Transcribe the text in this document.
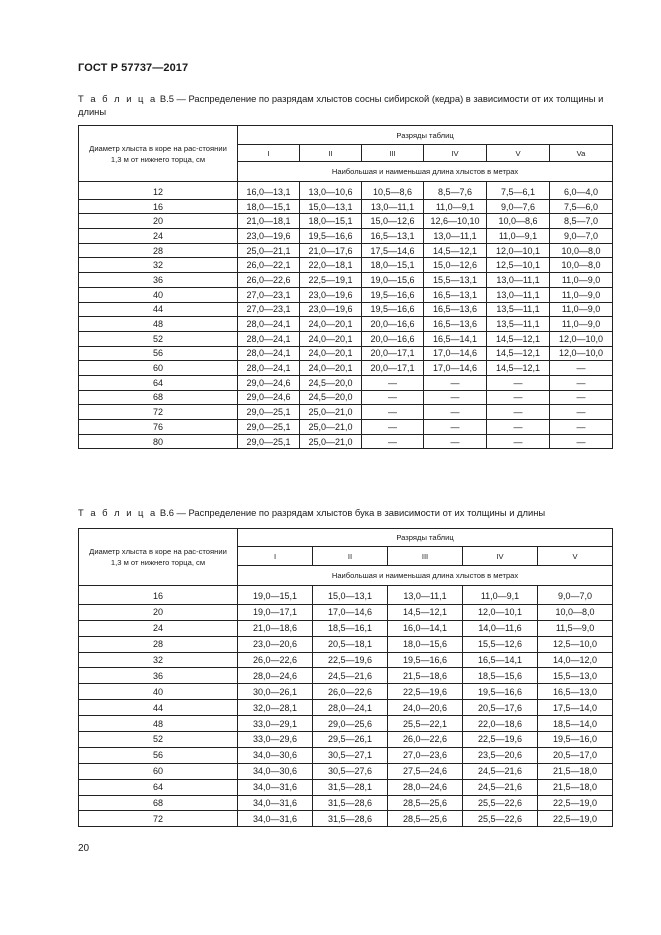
ГОСТ Р 57737—2017
Т а б л и ц а В.5 — Распределение по разрядам хлыстов сосны сибирской (кедра) в зависимости от их толщины и длины
Диаметр хлыста в коре на рас-стоянии 1,3 м от нижнего торца, см	Разряды таблиц					
	I	II	III	IV	V	Va
	Наибольшая и наименьшая длина хлыстов в метрах					
12	16,0—13,1	13,0—10,6	10,5—8,6	8,5—7,6	7,5—6,1	6,0—4,0
16	18,0—15,1	15,0—13,1	13,0—11,1	11,0—9,1	9,0—7,6	7,5—6,0
20	21,0—18,1	18,0—15,1	15,0—12,6	12,6—10,10	10,0—8,6	8,5—7,0
24	23,0—19,6	19,5—16,6	16,5—13,1	13,0—11,1	11,0—9,1	9,0—7,0
28	25,0—21,1	21,0—17,6	17,5—14,6	14,5—12,1	12,0—10,1	10,0—8,0
32	26,0—22,1	22,0—18,1	18,0—15,1	15,0—12,6	12,5—10,1	10,0—8,0
36	26,0—22,6	22,5—19,1	19,0—15,6	15,5—13,1	13,0—11,1	11,0—9,0
40	27,0—23,1	23,0—19,6	19,5—16,6	16,5—13,1	13,0—11,1	11,0—9,0
44	27,0—23,1	23,0—19,6	19,5—16,6	16,5—13,6	13,5—11,1	11,0—9,0
48	28,0—24,1	24,0—20,1	20,0—16,6	16,5—13,6	13,5—11,1	11,0—9,0
52	28,0—24,1	24,0—20,1	20,0—16,6	16,5—14,1	14,5—12,1	12,0—10,0
56	28,0—24,1	24,0—20,1	20,0—17,1	17,0—14,6	14,5—12,1	12,0—10,0
60	28,0—24,1	24,0—20,1	20,0—17,1	17,0—14,6	14,5—12,1	—
64	29,0—24,6	24,5—20,0	—	—	—	—
68	29,0—24,6	24,5—20,0	—	—	—	—
72	29,0—25,1	25,0—21,0	—	—	—	—
76	29,0—25,1	25,0—21,0	—	—	—	—
80	29,0—25,1	25,0—21,0	—	—	—	—
Т а б л и ц а В.6 — Распределение по разрядам хлыстов бука в зависимости от их толщины и длины
Диаметр хлыста в коре на рас-стоянии 1,3 м от нижнего торца, см	Разряды таблиц				
	I	II	III	IV	V
	Наибольшая и наименьшая длина хлыстов в метрах				
16	19,0—15,1	15,0—13,1	13,0—11,1	11,0—9,1	9,0—7,0
20	19,0—17,1	17,0—14,6	14,5—12,1	12,0—10,1	10,0—8,0
24	21,0—18,6	18,5—16,1	16,0—14,1	14,0—11,6	11,5—9,0
28	23,0—20,6	20,5—18,1	18,0—15,6	15,5—12,6	12,5—10,0
32	26,0—22,6	22,5—19,6	19,5—16,6	16,5—14,1	14,0—12,0
36	28,0—24,6	24,5—21,6	21,5—18,6	18,5—15,6	15,5—13,0
40	30,0—26,1	26,0—22,6	22,5—19,6	19,5—16,6	16,5—13,0
44	32,0—28,1	28,0—24,1	24,0—20,6	20,5—17,6	17,5—14,0
48	33,0—29,1	29,0—25,6	25,5—22,1	22,0—18,6	18,5—14,0
52	33,0—29,6	29,5—26,1	26,0—22,6	22,5—19,6	19,5—16,0
56	34,0—30,6	30,5—27,1	27,0—23,6	23,5—20,6	20,5—17,0
60	34,0—30,6	30,5—27,6	27,5—24,6	24,5—21,6	21,5—18,0
64	34,0—31,6	31,5—28,1	28,0—24,6	24,5—21,6	21,5—18,0
68	34,0—31,6	31,5—28,6	28,5—25,6	25,5—22,6	22,5—19,0
72	34,0—31,6	31,5—28,6	28,5—25,6	25,5—22,6	22,5—19,0
20
